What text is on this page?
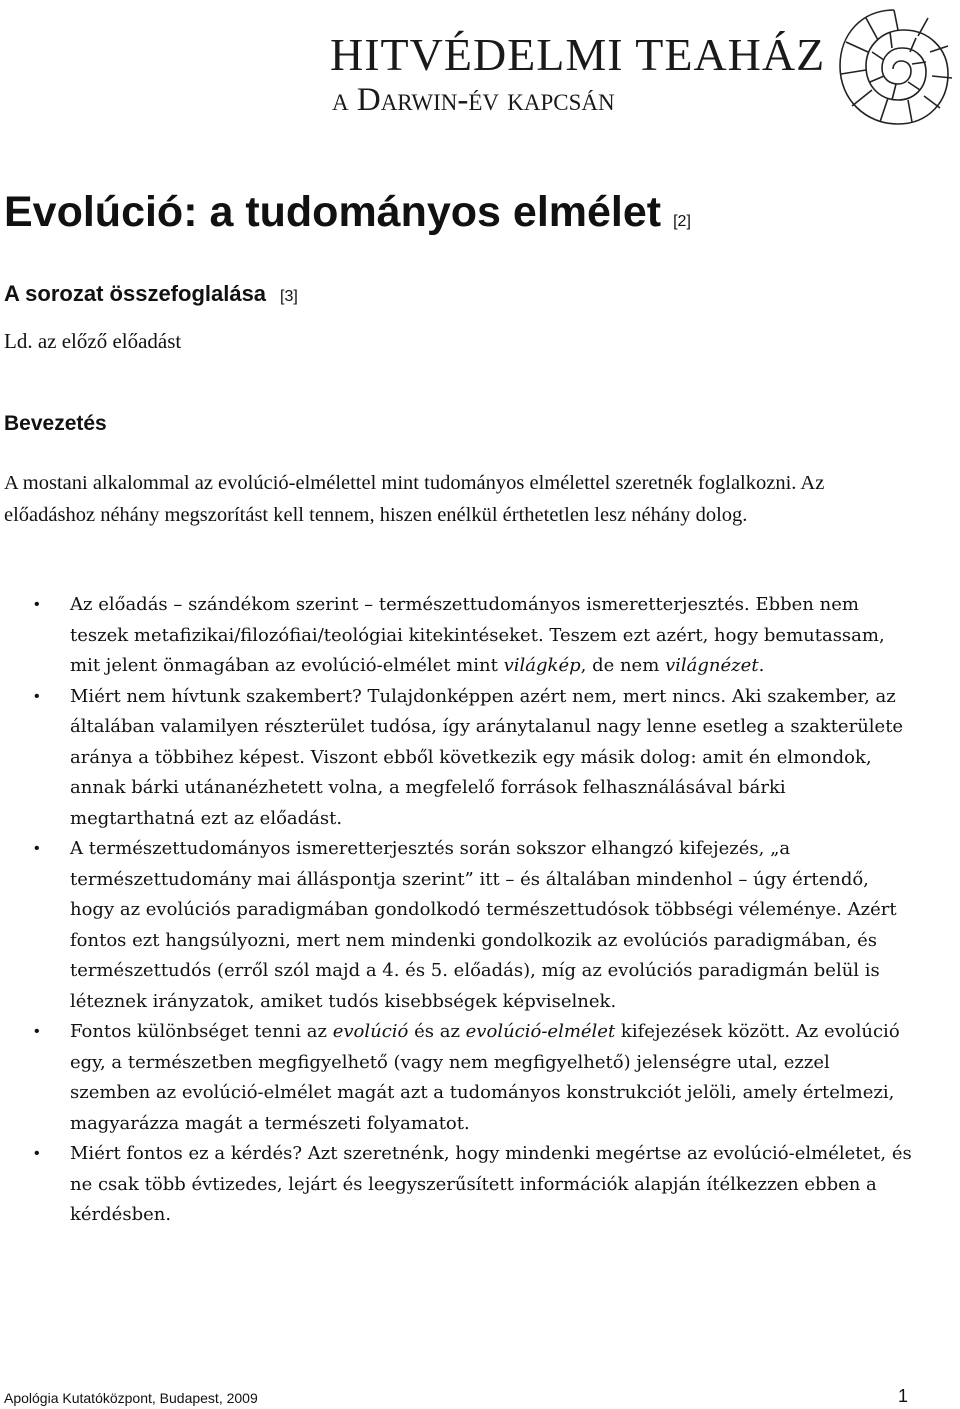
HITVÉDELMI TEAHÁZ
a Darwin-év kapcsán
Evolúció: a tudományos elmélet [2]
A sorozat összefoglalása [3]
Ld. az előző előadást
Bevezetés

A mostani alkalommal az evolúció-elmélettel mint tudományos elmélettel szeretnék foglalkozni. Az előadáshoz néhány megszorítást kell tennem, hiszen enélkül érthetetlen lesz néhány dolog.

• Az előadás – szándékom szerint – természettudományos ismeretterjesztés. Ebben nem teszek metafizikai/filozófiai/teológiai kitekintéseket. Teszem ezt azért, hogy bemutassam, mit jelent önmagában az evolúció-elmélet mint világkép, de nem világnézet.
• Miért nem hívtunk szakembert? Tulajdonképpen azért nem, mert nincs. Aki szakember, az általában valamilyen részterület tudósa, így aránytalanul nagy lenne esetleg a szakterülete aránya a többihez képest. Viszont ebből következik egy másik dolog: amit én elmondok, annak bárki utánanézhetett volna, a megfelelő források felhasználásával bárki megtarthatná ezt az előadást.
• A természettudományos ismeretterjesztés során sokszor elhangzó kifejezés, „a természettudomány mai álláspontja szerint” itt – és általában mindenhol – úgy értendő, hogy az evolúciós paradigmában gondolkodó természettudósok többségi véleménye. Azért fontos ezt hangsúlyozni, mert nem mindenki gondolkozik az evolúciós paradigmában, és természettudós (erről szól majd a 4. és 5. előadás), míg az evolúciós paradigmán belül is léteznek irányzatok, amiket tudós kisebbségek képviselnek.
• Fontos különbséget tenni az evolúció és az evolúció-elmélet kifejezések között. Az evolúció egy, a természetben megfigyelhető (vagy nem megfigyelhető) jelenségre utal, ezzel szemben az evolúció-elmélet magát azt a tudományos konstrukciót jelöli, amely értelmezi, magyarázza magát a természeti folyamatot.
• Miért fontos ez a kérdés? Azt szeretnénk, hogy mindenki megértse az evolúció-elméletet, és ne csak több évtizedes, lejárt és leegyszerűsített információk alapján ítélkezzen ebben a kérdésben.
Apológia Kutatóközpont, Budapest, 2009	1
